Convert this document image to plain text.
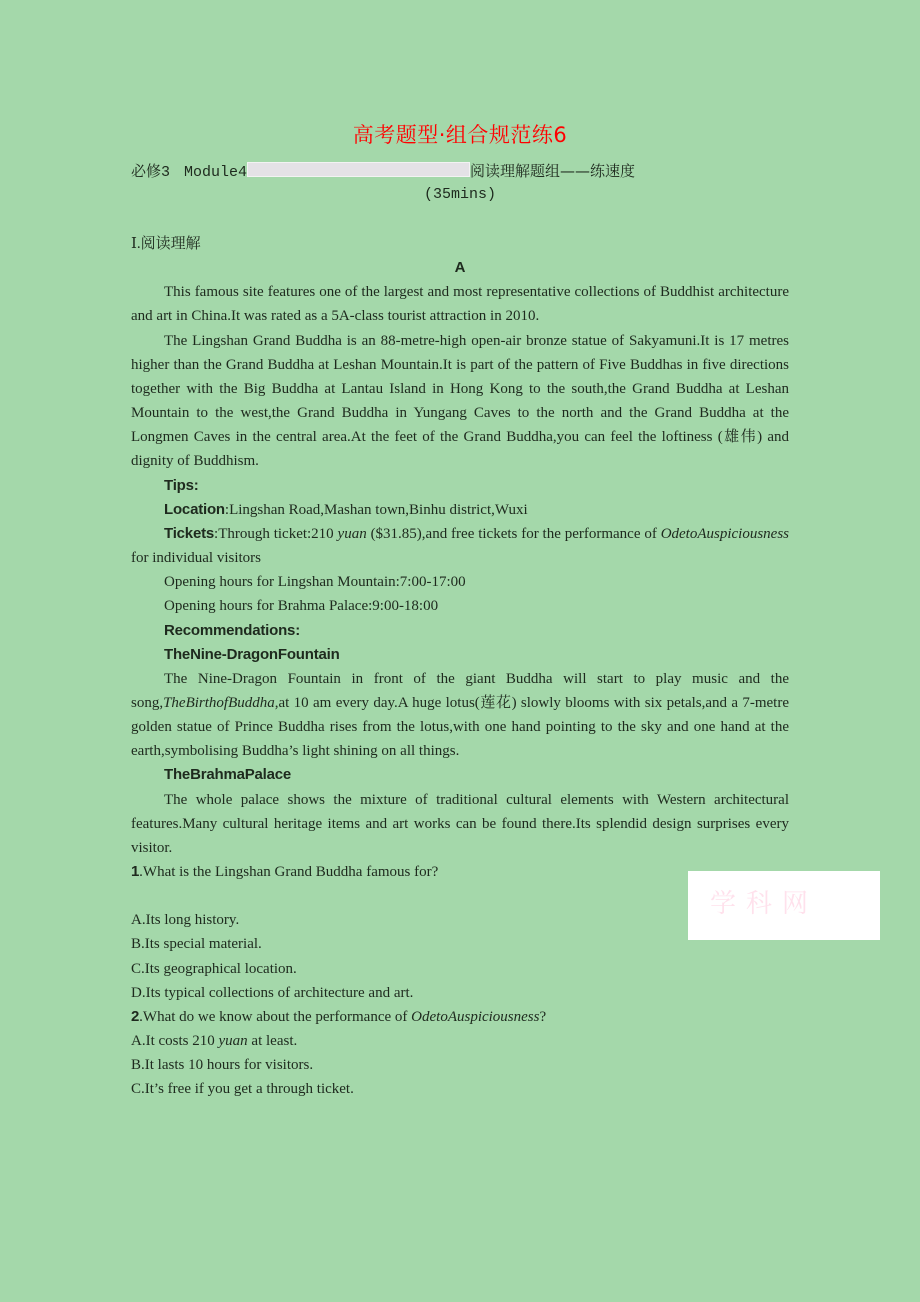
高考题型·组合规范练6
必修3 Module4	阅读理解题组——练速度
(35mins)

Ⅰ.阅读理解

A

This famous site features one of the largest and most representative collections of Buddhist architecture and art in China.It was rated as a 5A-class tourist attraction in 2010.

The Lingshan Grand Buddha is an 88-metre-high open-air bronze statue of Sakyamuni.It is 17 metres higher than the Grand Buddha at Leshan Mountain.It is part of the pattern of Five Buddhas in five directions together with the Big Buddha at Lantau Island in Hong Kong to the south,the Grand Buddha at Leshan Mountain to the west,the Grand Buddha in Yungang Caves to the north and the Grand Buddha at the Longmen Caves in the central area.At the feet of the Grand Buddha,you can feel the loftiness (雄伟) and dignity of Buddhism.

Tips:

Location:Lingshan Road,Mashan town,Binhu district,Wuxi

Tickets:Through ticket:210 yuan ($31.85),and free tickets for the performance of OdetoAuspiciousness for individual visitors

Opening hours for Lingshan Mountain:7:00-17:00

Opening hours for Brahma Palace:9:00-18:00

Recommendations:

TheNine-DragonFountain

The Nine-Dragon Fountain in front of the giant Buddha will start to play music and the song,TheBirthofBuddha,at 10 am every day.A huge lotus(莲花) slowly blooms with six petals,and a 7-metre golden statue of Prince Buddha rises from the lotus,with one hand pointing to the sky and one hand at the earth,symbolising Buddha’s light shining on all things.

TheBrahmaPalace

The whole palace shows the mixture of traditional cultural elements with Western architectural features.Many cultural heritage items and art works can be found there.Its splendid design surprises every visitor.

1.What is the Lingshan Grand Buddha famous for?

A.Its long history.

B.Its special material.

C.Its geographical location.

D.Its typical collections of architecture and art.

2.What do we know about the performance of OdetoAuspiciousness?

A.It costs 210 yuan at least.

B.It lasts 10 hours for visitors.

C.It’s free if you get a through ticket.

学科网
